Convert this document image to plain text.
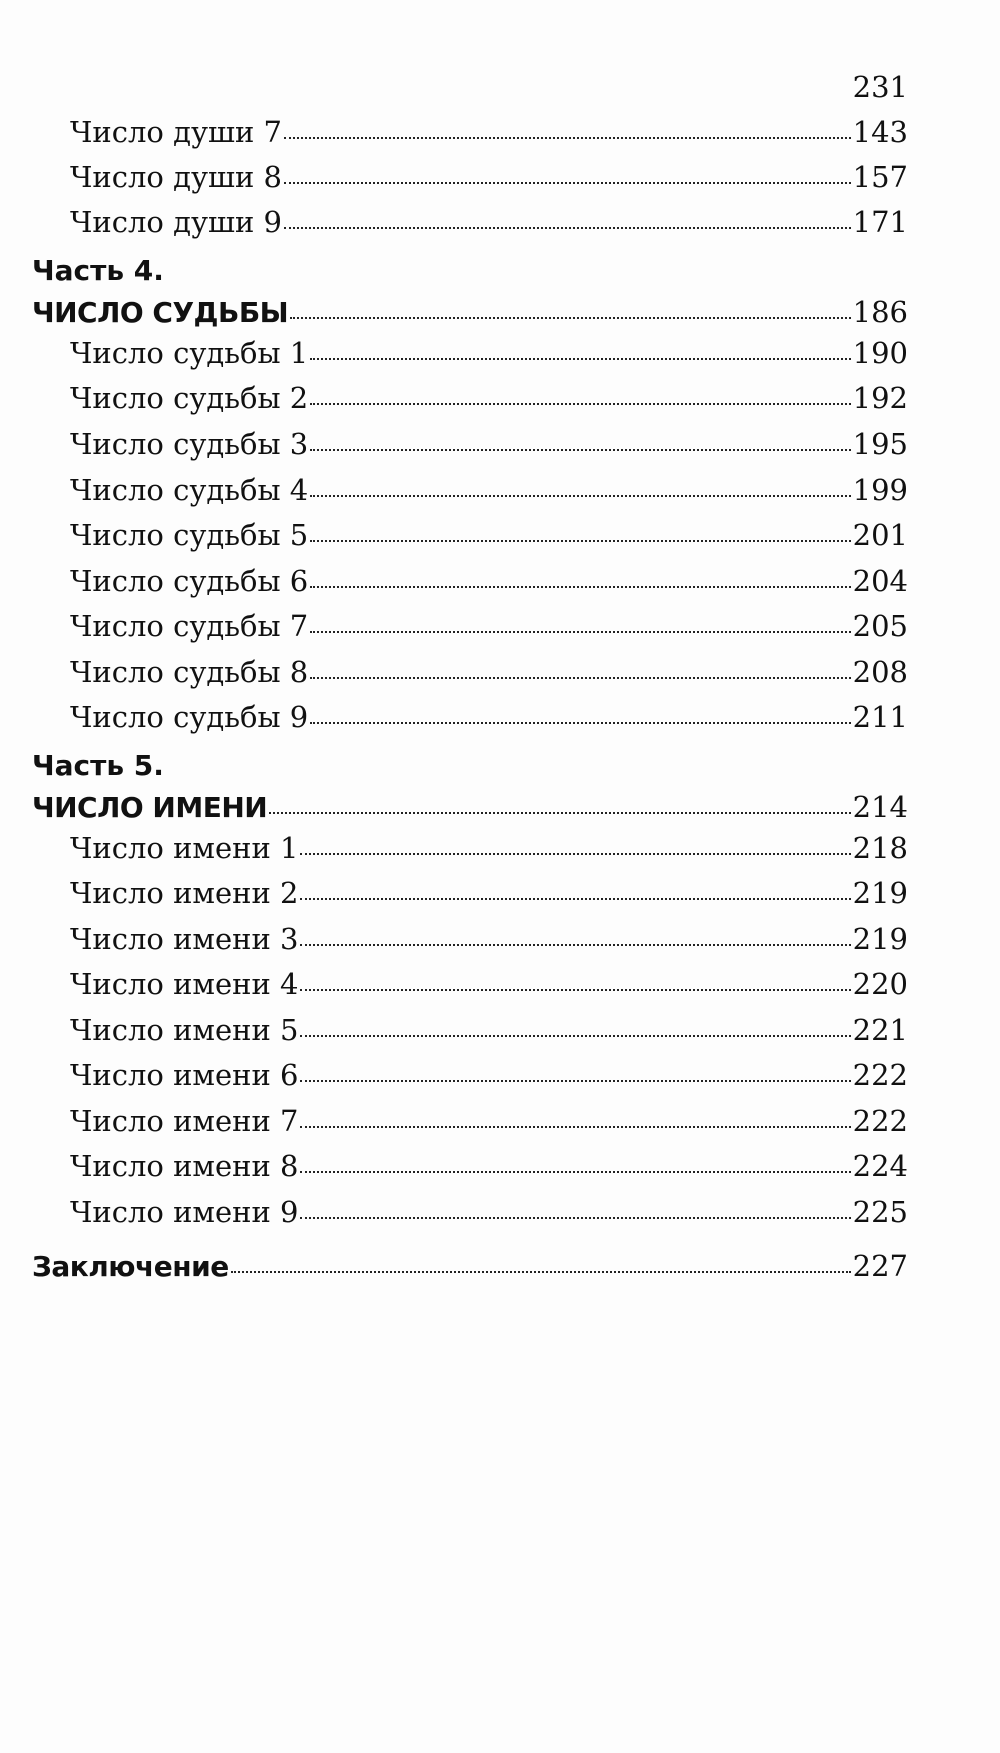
231
Число души 7	143
Число души 8	157
Число души 9	171
Часть 4.
ЧИСЛО СУДЬБЫ	186
Число судьбы 1	190
Число судьбы 2	192
Число судьбы 3	195
Число судьбы 4	199
Число судьбы 5	201
Число судьбы 6	204
Число судьбы 7	205
Число судьбы 8	208
Число судьбы 9	211
Часть 5.
ЧИСЛО ИМЕНИ	214
Число имени 1	218
Число имени 2	219
Число имени 3	219
Число имени 4	220
Число имени 5	221
Число имени 6	222
Число имени 7	222
Число имени 8	224
Число имени 9	225
Заключение	227
